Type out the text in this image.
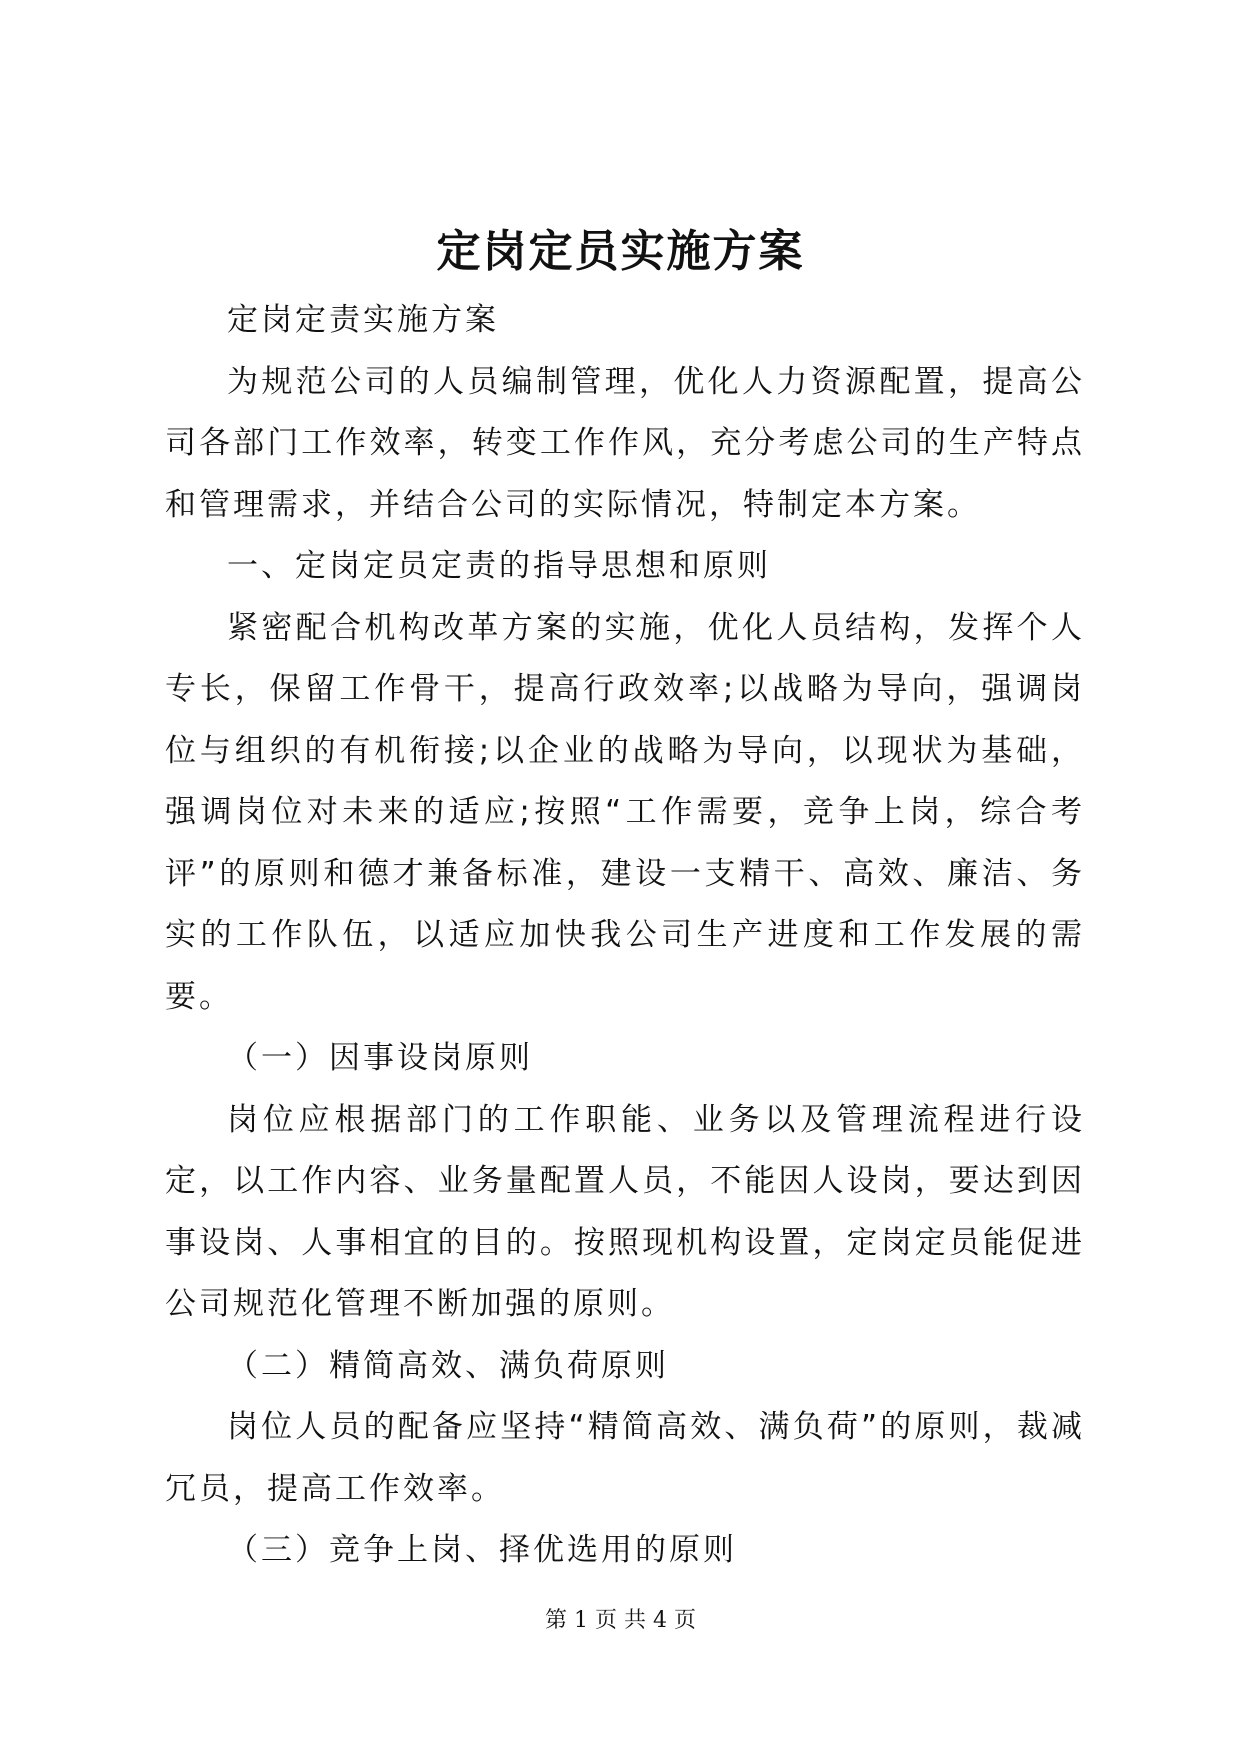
定岗定员实施方案

定岗定责实施方案

为规范公司的人员编制管理，优化人力资源配置，提高公司各部门工作效率，转变工作作风，充分考虑公司的生产特点和管理需求，并结合公司的实际情况，特制定本方案。

一、定岗定员定责的指导思想和原则

紧密配合机构改革方案的实施，优化人员结构，发挥个人专长，保留工作骨干，提高行政效率;以战略为导向，强调岗位与组织的有机衔接;以企业的战略为导向，以现状为基础，强调岗位对未来的适应;按照“工作需要，竞争上岗，综合考评”的原则和德才兼备标准，建设一支精干、高效、廉洁、务实的工作队伍，以适应加快我公司生产进度和工作发展的需要。

（一）因事设岗原则

岗位应根据部门的工作职能、业务以及管理流程进行设定，以工作内容、业务量配置人员，不能因人设岗，要达到因事设岗、人事相宜的目的。按照现机构设置，定岗定员能促进公司规范化管理不断加强的原则。

（二）精简高效、满负荷原则

岗位人员的配备应坚持“精简高效、满负荷”的原则，裁减冗员，提高工作效率。

（三）竞争上岗、择优选用的原则

第 1 页 共 4 页
